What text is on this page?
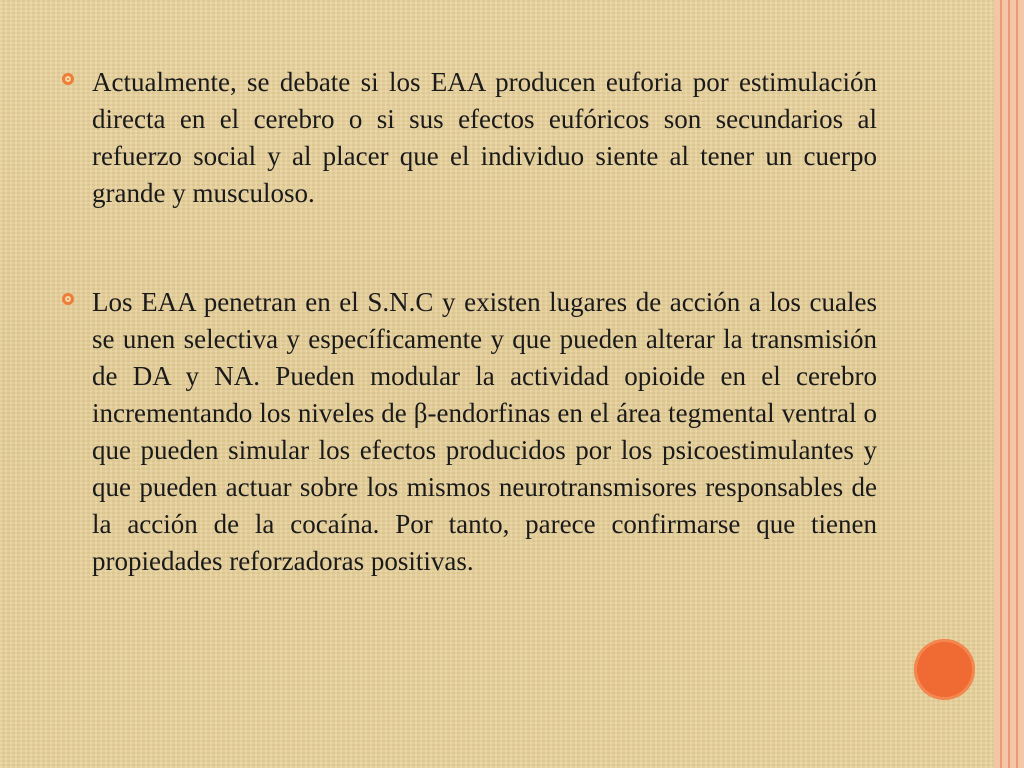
Actualmente, se debate si los EAA producen euforia por estimulación directa en el cerebro o si sus efectos eufóricos son secundarios al refuerzo social y al placer que el individuo siente al tener un cuerpo grande y musculoso.

Los EAA penetran en el S.N.C y existen lugares de acción a los cuales se unen selectiva y específicamente y que pueden alterar la transmisión de DA y NA. Pueden modular la actividad opioide en el cerebro incrementando los niveles de β-endorfinas en el área tegmental ventral o que pueden simular los efectos producidos por los psicoestimulantes y que pueden actuar sobre los mismos neurotransmisores responsables de la acción de la cocaína. Por tanto, parece confirmarse que tienen propiedades reforzadoras positivas.
